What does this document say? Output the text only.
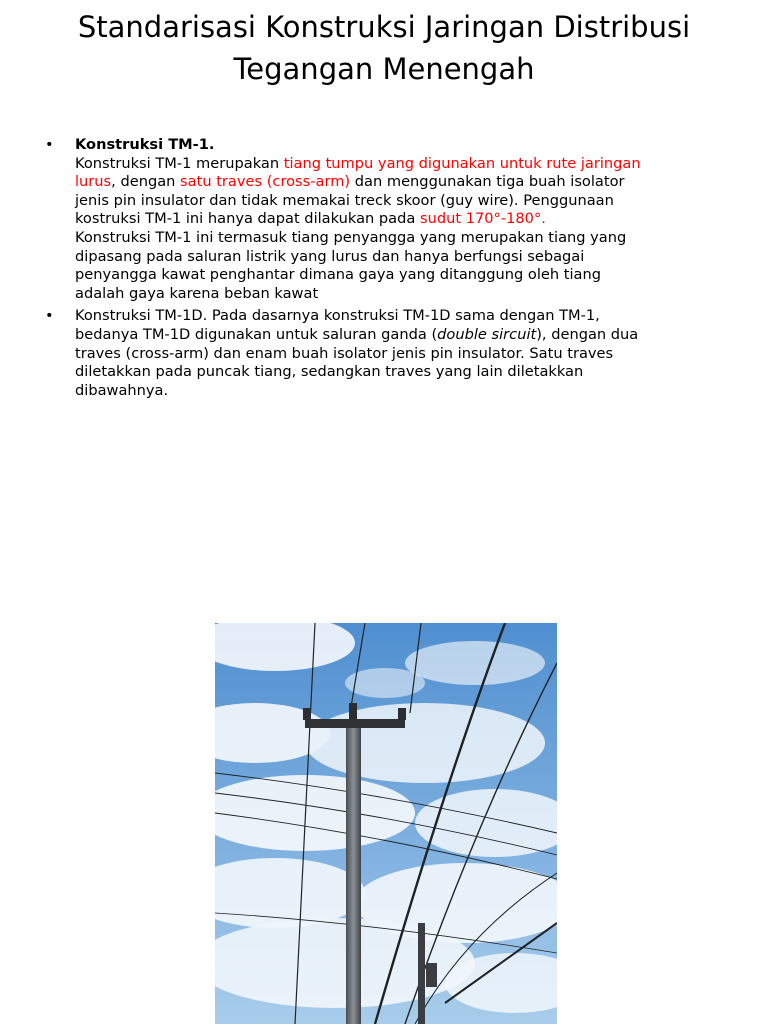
Standarisasi Konstruksi Jaringan Distribusi
Tegangan Menengah
• Konstruksi TM-1.
Konstruksi TM-1 merupakan tiang tumpu yang digunakan untuk rute jaringan lurus, dengan satu traves (cross-arm) dan menggunakan tiga buah isolator jenis pin insulator dan tidak memakai treck skoor (guy wire). Penggunaan kostruksi TM-1 ini hanya dapat dilakukan pada sudut 170°-180°.
Konstruksi TM-1 ini termasuk tiang penyangga yang merupakan tiang yang dipasang pada saluran listrik yang lurus dan hanya berfungsi sebagai penyangga kawat penghantar dimana gaya yang ditanggung oleh tiang adalah gaya karena beban kawat
• Konstruksi TM-1D. Pada dasarnya konstruksi TM-1D sama dengan TM-1, bedanya TM-1D digunakan untuk saluran ganda (double sircuit), dengan dua traves (cross-arm) dan enam buah isolator jenis pin insulator. Satu traves diletakkan pada puncak tiang, sedangkan traves yang lain diletakkan dibawahnya.
